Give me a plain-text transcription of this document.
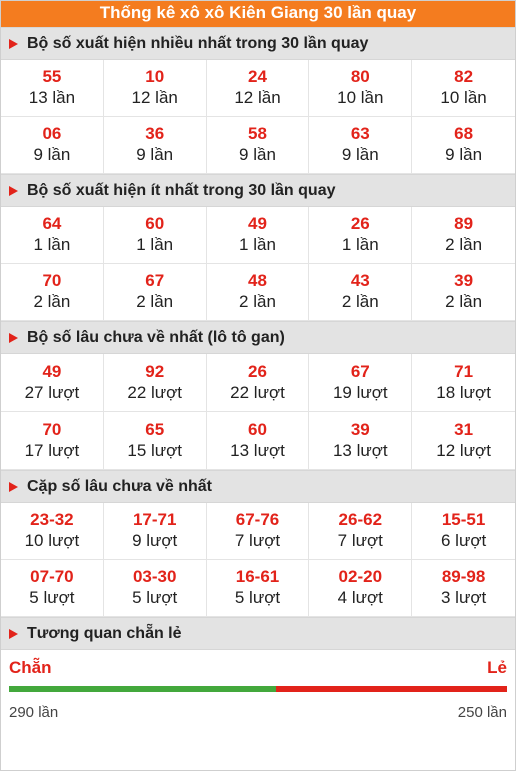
Thống kê xô xô Kiên Giang 30 lần quay
Bộ số xuất hiện nhiều nhất trong 30 lần quay
55
13 lần
10
12 lần
24
12 lần
80
10 lần
82
10 lần
06
9 lần
36
9 lần
58
9 lần
63
9 lần
68
9 lần
Bộ số xuất hiện ít nhất trong 30 lần quay
64
1 lần
60
1 lần
49
1 lần
26
1 lần
89
2 lần
70
2 lần
67
2 lần
48
2 lần
43
2 lần
39
2 lần
Bộ số lâu chưa về nhất (lô tô gan)
49
27 lượt
92
22 lượt
26
22 lượt
67
19 lượt
71
18 lượt
70
17 lượt
65
15 lượt
60
13 lượt
39
13 lượt
31
12 lượt
Cặp số lâu chưa về nhất
23-32
10 lượt
17-71
9 lượt
67-76
7 lượt
26-62
7 lượt
15-51
6 lượt
07-70
5 lượt
03-30
5 lượt
16-61
5 lượt
02-20
4 lượt
89-98
3 lượt
Tương quan chẵn lẻ
Chẵn	Lẻ
290 lần	250 lần
